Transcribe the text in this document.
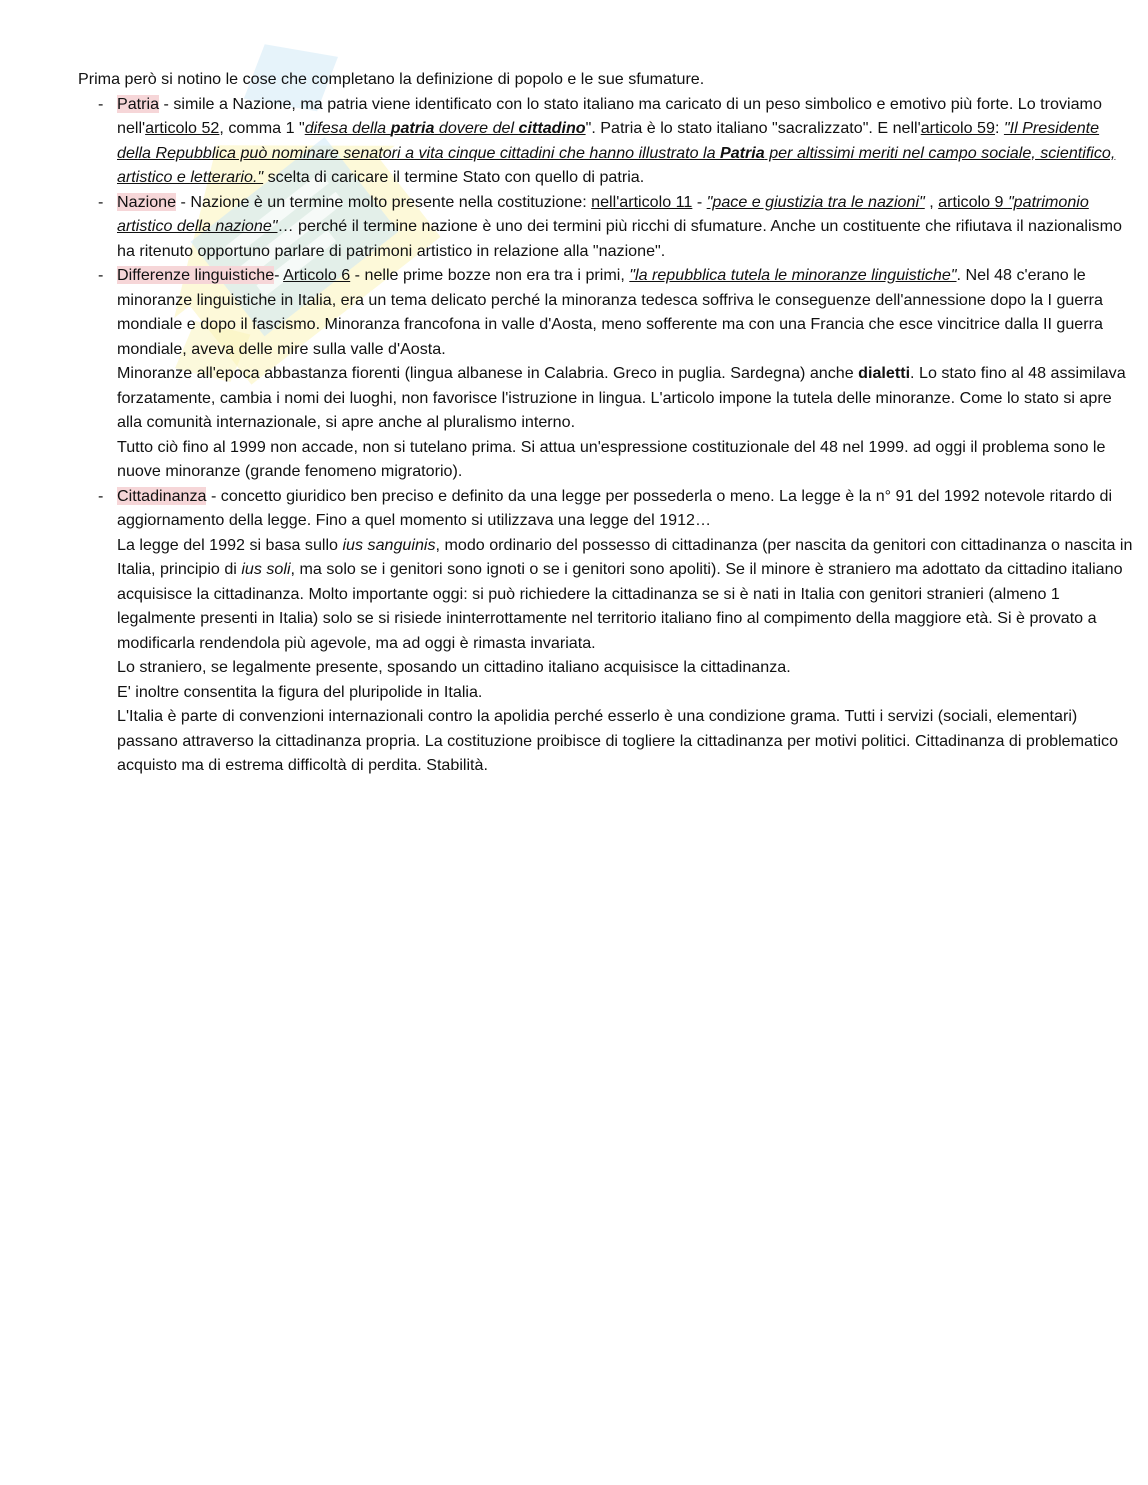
Prima però si notino le cose che completano la definizione di popolo e le sue sfumature.

- Patria - simile a Nazione, ma patria viene identificato con lo stato italiano ma caricato di un peso simbolico e emotivo più forte. Lo troviamo nell'articolo 52, comma 1 "difesa della patria dovere del cittadino". Patria è lo stato italiano "sacralizzato". E nell'articolo 59: "Il Presidente della Repubblica può nominare senatori a vita cinque cittadini che hanno illustrato la Patria per altissimi meriti nel campo sociale, scientifico, artistico e letterario." scelta di caricare il termine Stato con quello di patria.

- Nazione - Nazione è un termine molto presente nella costituzione: nell'articolo 11 - "pace e giustizia tra le nazioni" , articolo 9 "patrimonio artistico della nazione"… perché il termine nazione è uno dei termini più ricchi di sfumature. Anche un costituente che rifiutava il nazionalismo ha ritenuto opportuno parlare di patrimoni artistico in relazione alla "nazione".

- Differenze linguistiche- Articolo 6 - nelle prime bozze non era tra i primi, "la repubblica tutela le minoranze linguistiche". Nel 48 c'erano le minoranze linguistiche in Italia, era un tema delicato perché la minoranza tedesca soffriva le conseguenze dell'annessione dopo la I guerra mondiale e dopo il fascismo. Minoranza francofona in valle d'Aosta, meno sofferente ma con una Francia che esce vincitrice dalla II guerra mondiale, aveva delle mire sulla valle d'Aosta.

Minoranze all'epoca abbastanza fiorenti (lingua albanese in Calabria. Greco in puglia. Sardegna) anche dialetti. Lo stato fino al 48 assimilava forzatamente, cambia i nomi dei luoghi, non favorisce l'istruzione in lingua. L'articolo impone la tutela delle minoranze. Come lo stato si apre alla comunità internazionale, si apre anche al pluralismo interno.

Tutto ciò fino al 1999 non accade, non si tutelano prima. Si attua un'espressione costituzionale del 48 nel 1999. ad oggi il problema sono le nuove minoranze (grande fenomeno migratorio).

- Cittadinanza - concetto giuridico ben preciso e definito da una legge per possederla o meno. La legge è la n° 91 del 1992 notevole ritardo di aggiornamento della legge. Fino a quel momento si utilizzava una legge del 1912…

La legge del 1992 si basa sullo ius sanguinis, modo ordinario del possesso di cittadinanza (per nascita da genitori con cittadinanza o nascita in Italia, principio di ius soli, ma solo se i genitori sono ignoti o se i genitori sono apoliti). Se il minore è straniero ma adottato da cittadino italiano acquisisce la cittadinanza. Molto importante oggi: si può richiedere la cittadinanza se si è nati in Italia con genitori stranieri (almeno 1 legalmente presenti in Italia) solo se si risiede ininterrottamente nel territorio italiano fino al compimento della maggiore età. Si è provato a modificarla rendendola più agevole, ma ad oggi è rimasta invariata.

Lo straniero, se legalmente presente, sposando un cittadino italiano acquisisce la cittadinanza.

E' inoltre consentita la figura del pluripolide in Italia.

L'Italia è parte di convenzioni internazionali contro la apolidia perché esserlo è una condizione grama. Tutti i servizi (sociali, elementari) passano attraverso la cittadinanza propria. La costituzione proibisce di togliere la cittadinanza per motivi politici. Cittadinanza di problematico acquisto ma di estrema difficoltà di perdita. Stabilità.
